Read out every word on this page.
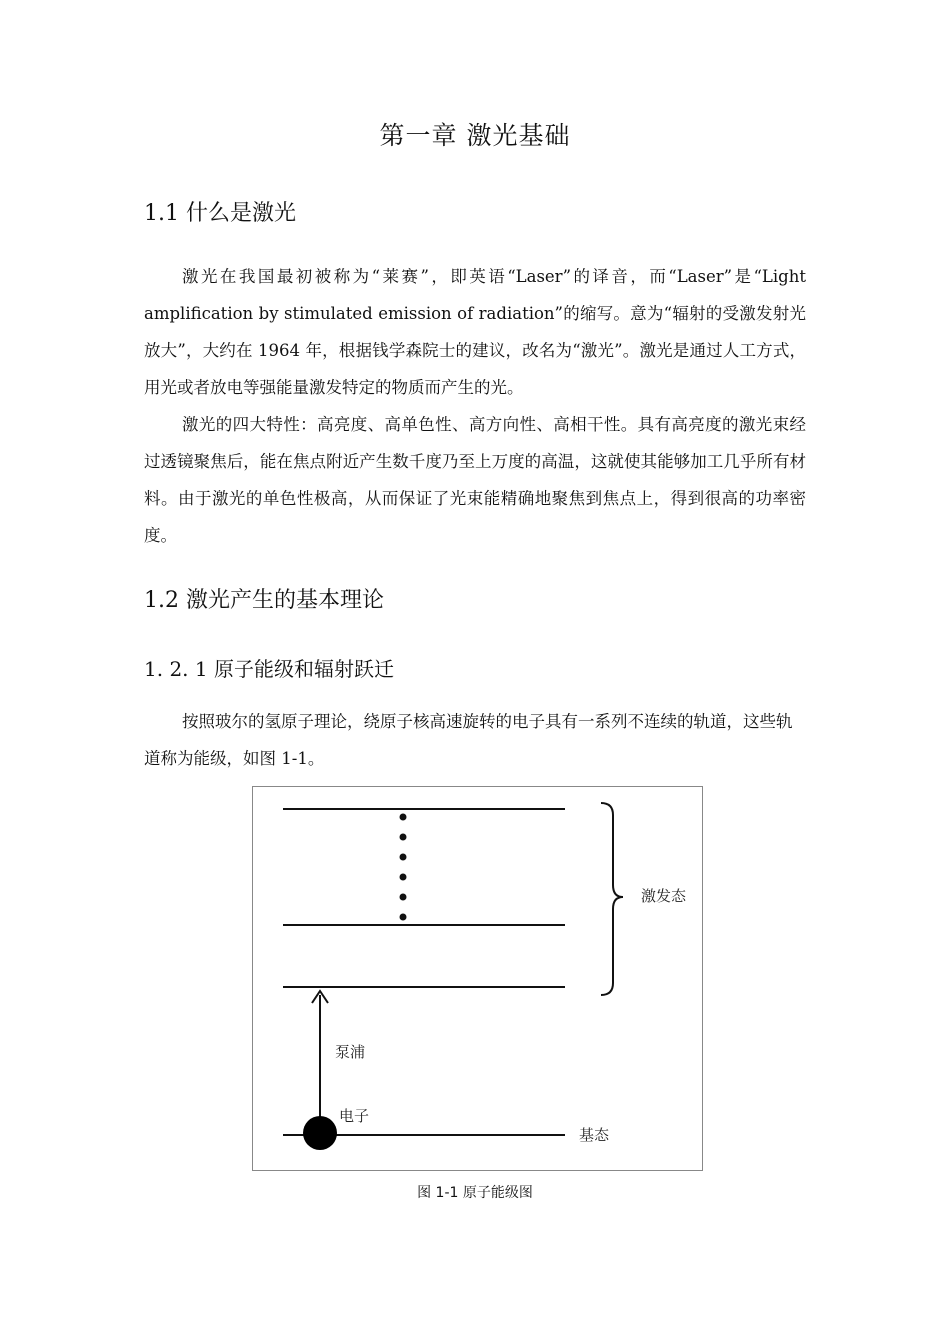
第一章 激光基础
1.1 什么是激光
激光在我国最初被称为“莱赛”，即英语“Laser”的译音，而“Laser”是“Light amplification by stimulated emission of radiation”的缩写。意为“辐射的受激发射光放大”，大约在 1964 年，根据钱学森院士的建议，改名为“激光”。激光是通过人工方式，用光或者放电等强能量激发特定的物质而产生的光。
激光的四大特性：高亮度、高单色性、高方向性、高相干性。具有高亮度的激光束经过透镜聚焦后，能在焦点附近产生数千度乃至上万度的高温，这就使其能够加工几乎所有材料。由于激光的单色性极高，从而保证了光束能精确地聚焦到焦点上，得到很高的功率密度。
1.2 激光产生的基本理论
1. 2. 1 原子能级和辐射跃迁
按照玻尔的氢原子理论，绕原子核高速旋转的电子具有一系列不连续的轨道，这些轨道称为能级，如图 1-1。
激发态
泵浦
电子
基态
图 1-1 原子能级图
